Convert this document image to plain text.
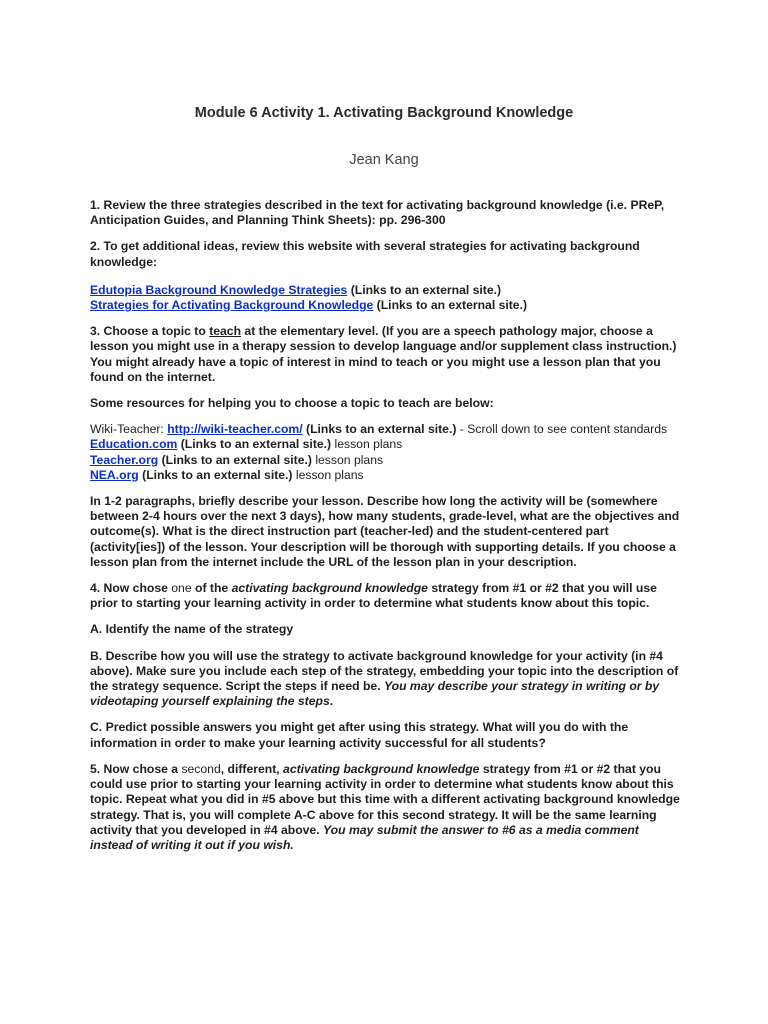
Module 6 Activity 1. Activating Background Knowledge
Jean Kang

1. Review the three strategies described in the text for activating background knowledge (i.e. PReP, Anticipation Guides, and Planning Think Sheets): pp. 296-300

2. To get additional ideas, review this website with several strategies for activating background knowledge:

Edutopia Background Knowledge Strategies (Links to an external site.)

Strategies for Activating Background Knowledge (Links to an external site.)

3. Choose a topic to teach at the elementary level. (If you are a speech pathology major, choose a lesson you might use in a therapy session to develop language and/or supplement class instruction.) You might already have a topic of interest in mind to teach or you might use a lesson plan that you found on the internet.

Some resources for helping you to choose a topic to teach are below:

Wiki-Teacher: http://wiki-teacher.com/ (Links to an external site.) - Scroll down to see content standards

Education.com (Links to an external site.) lesson plans

Teacher.org (Links to an external site.) lesson plans

NEA.org (Links to an external site.) lesson plans

In 1-2 paragraphs, briefly describe your lesson. Describe how long the activity will be (somewhere between 2-4 hours over the next 3 days), how many students, grade-level, what are the objectives and outcome(s). What is the direct instruction part (teacher-led) and the student-centered part (activity[ies]) of the lesson. Your description will be thorough with supporting details. If you choose a lesson plan from the internet include the URL of the lesson plan in your description.

4. Now chose one of the activating background knowledge strategy from #1 or #2 that you will use prior to starting your learning activity in order to determine what students know about this topic.

A. Identify the name of the strategy

B. Describe how you will use the strategy to activate background knowledge for your activity (in #4 above). Make sure you include each step of the strategy, embedding your topic into the description of the strategy sequence. Script the steps if need be. You may describe your strategy in writing or by videotaping yourself explaining the steps.

C. Predict possible answers you might get after using this strategy. What will you do with the information in order to make your learning activity successful for all students?

5. Now chose a second, different, activating background knowledge strategy from #1 or #2 that you could use prior to starting your learning activity in order to determine what students know about this topic. Repeat what you did in #5 above but this time with a different activating background knowledge strategy. That is, you will complete A-C above for this second strategy. It will be the same learning activity that you developed in #4 above. You may submit the answer to #6 as a media comment instead of writing it out if you wish.
